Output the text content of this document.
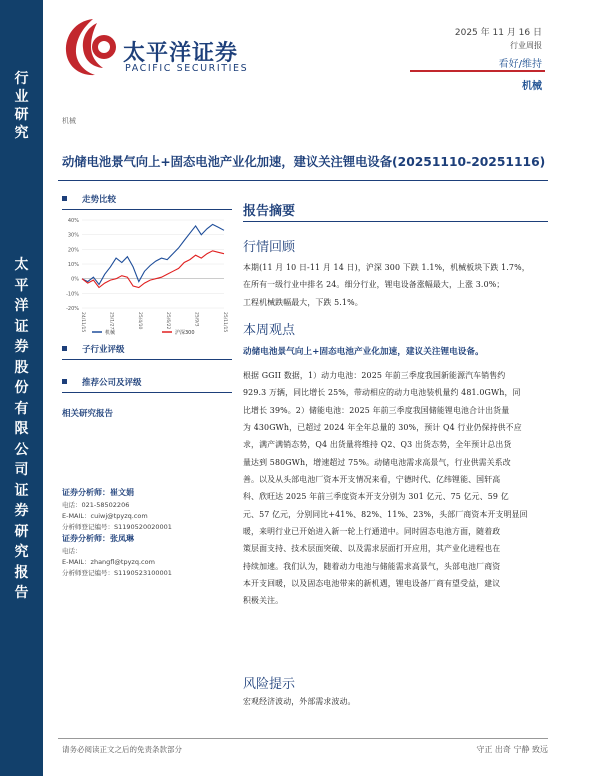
行
业
研
究
太
平
洋
证
券
股
份
有
限
公
司
证
券
研
究
报
告
太平洋证券
PACIFIC SECURITIES
2025 年 11 月 16 日
行业周报
看好/维持
机械
机械
动储电池景气向上+固态电池产业化加速，建议关注锂电设备(20251110-20251116)
走势比较
40%
30%
20%
10%
0%
-10%
-20%
24/11/15	25/1/27	25/4/10	25/6/22	25/9/3	25/11/15
机械	沪深300
子行业评级
推荐公司及评级
相关研究报告
证券分析师：崔文娟
电话：021-58502206
E-MAIL：cuiwj@tpyzq.com
分析师登记编号：S1190520020001
证券分析师：张凤琳
电话：
E-MAIL：zhangfl@tpyzq.com
分析师登记编号：S1190523100001
报告摘要
行情回顾

本期(11 月 10 日-11 月 14 日)，沪深 300 下跌 1.1%，机械板块下跌 1.7%，

在所有一级行业中排名 24。细分行业，锂电设备涨幅最大，上涨 3.0%；

工程机械跌幅最大，下跌 5.1%。

本周观点

动储电池景气向上+固态电池产业化加速，建议关注锂电设备。

根据 GGII 数据，1）动力电池：2025 年前三季度我国新能源汽车销售约

929.3 万辆，同比增长 25%，带动相应的动力电池装机量约 481.0GWh，同

比增长 39%。2）储能电池：2025 年前三季度我国储能锂电池合计出货量

为 430GWh，已超过 2024 年全年总量的 30%，预计 Q4 行业仍保持供不应

求，满产满销态势，Q4 出货量将维持 Q2、Q3 出货态势，全年预计总出货

量达到 580GWh，增速超过 75%。动储电池需求高景气，行业供需关系改

善。以及从头部电池厂资本开支情况来看，宁德时代、亿纬锂能、国轩高

科、欣旺达 2025 年前三季度资本开支分别为 301 亿元、75 亿元、59 亿

元、57 亿元，分别同比+41%、82%、11%、23%，头部厂商资本开支明显回

暖，来明行业已开始进入新一轮上行通道中。同时固态电池方面，随着政

策层面支持、技术层面突破、以及需求层面打开应用，其产业化进程也在

持续加速。我们认为，随着动力电池与储能需求高景气，头部电池厂商资

本开支回暖，以及固态电池带来的新机遇，锂电设备厂商有望受益，建议

积极关注。

风险提示

宏观经济波动，外部需求波动。

请务必阅读正文之后的免责条款部分	守正 出奇 宁静 致远
